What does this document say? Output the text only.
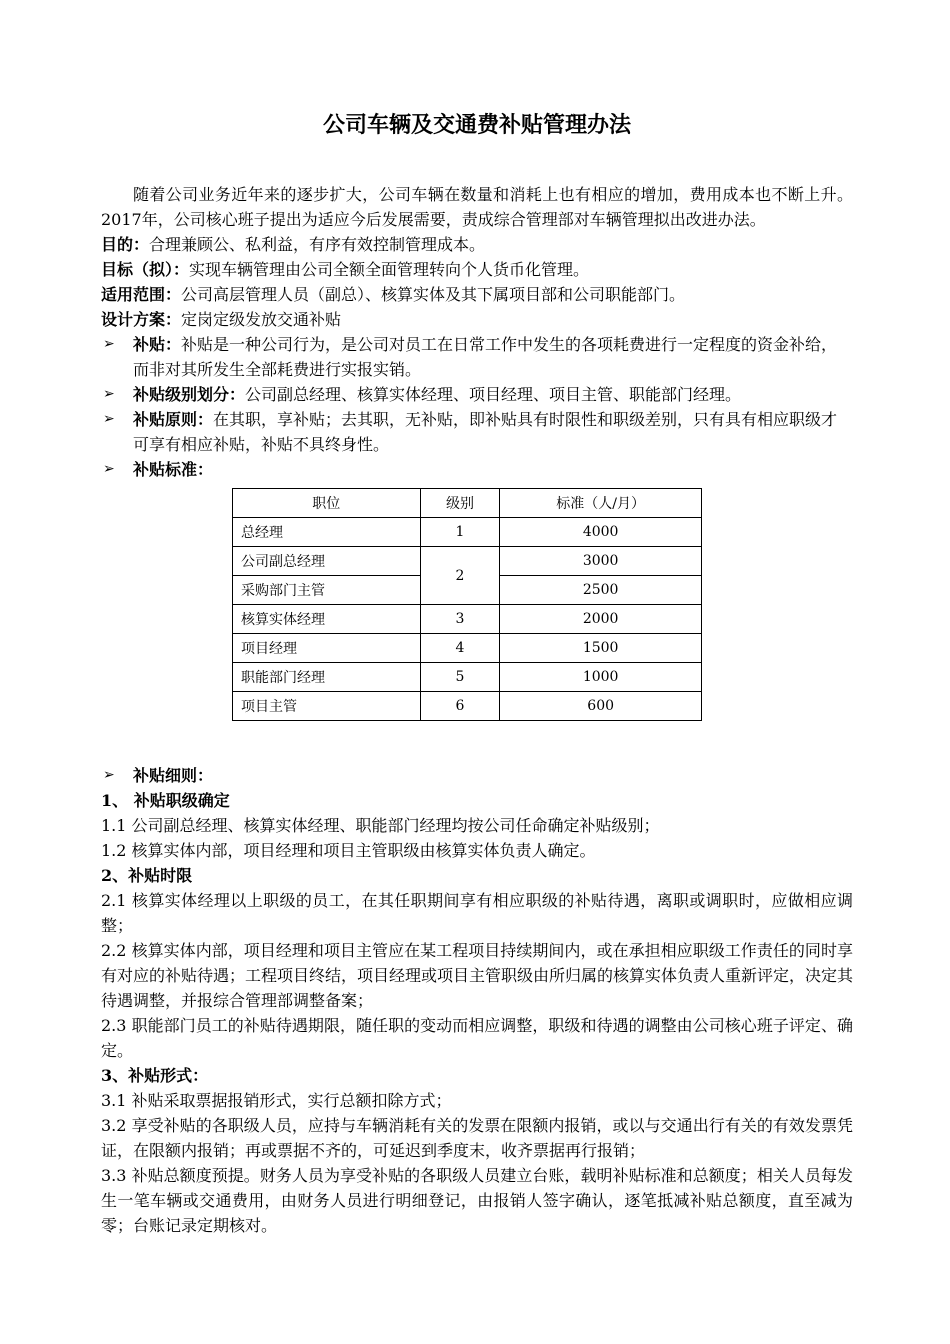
公司车辆及交通费补贴管理办法

随着公司业务近年来的逐步扩大，公司车辆在数量和消耗上也有相应的增加，费用成本也不断上升。2017年，公司核心班子提出为适应今后发展需要，责成综合管理部对车辆管理拟出改进办法。

目的：合理兼顾公、私利益，有序有效控制管理成本。

目标（拟）：实现车辆管理由公司全额全面管理转向个人货币化管理。

适用范围：公司高层管理人员（副总）、核算实体及其下属项目部和公司职能部门。

设计方案：定岗定级发放交通补贴

➢ 补贴：补贴是一种公司行为，是公司对员工在日常工作中发生的各项耗费进行一定程度的资金补给，而非对其所发生全部耗费进行实报实销。
➢ 补贴级别划分：公司副总经理、核算实体经理、项目经理、项目主管、职能部门经理。
➢ 补贴原则：在其职，享补贴；去其职，无补贴，即补贴具有时限性和职级差别，只有具有相应职级才可享有相应补贴，补贴不具终身性。
➢ 补贴标准：
职位	级别	标准（人/月）
总经理	1	4000
公司副总经理	2	3000
采购部门主管		2500
核算实体经理	3	2000
项目经理	4	1500
职能部门经理	5	1000
项目主管	6	600
➢ 补贴细则：

1、 补贴职级确定

1.1 公司副总经理、核算实体经理、职能部门经理均按公司任命确定补贴级别；

1.2 核算实体内部，项目经理和项目主管职级由核算实体负责人确定。

2、补贴时限

2.1 核算实体经理以上职级的员工，在其任职期间享有相应职级的补贴待遇，离职或调职时，应做相应调整；

2.2 核算实体内部，项目经理和项目主管应在某工程项目持续期间内，或在承担相应职级工作责任的同时享有对应的补贴待遇；工程项目终结，项目经理或项目主管职级由所归属的核算实体负责人重新评定，决定其待遇调整，并报综合管理部调整备案；

2.3 职能部门员工的补贴待遇期限，随任职的变动而相应调整，职级和待遇的调整由公司核心班子评定、确定。

3、补贴形式：

3.1 补贴采取票据报销形式，实行总额扣除方式；

3.2 享受补贴的各职级人员，应持与车辆消耗有关的发票在限额内报销，或以与交通出行有关的有效发票凭证，在限额内报销；再或票据不齐的，可延迟到季度末，收齐票据再行报销；

3.3 补贴总额度预提。财务人员为享受补贴的各职级人员建立台账，载明补贴标准和总额度；相关人员每发生一笔车辆或交通费用，由财务人员进行明细登记，由报销人签字确认，逐笔抵减补贴总额度，直至减为零；台账记录定期核对。
